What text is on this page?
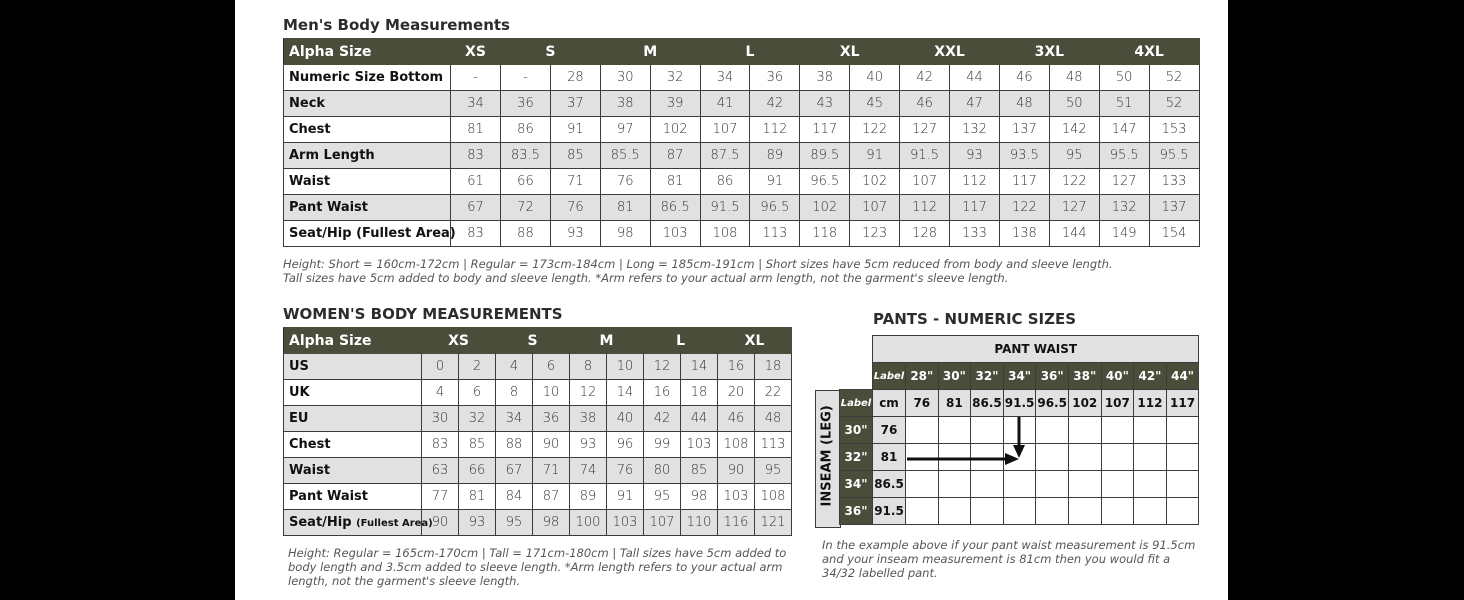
Men's Body Measurements
Alpha Size	XS	S		M		L		XL		XXL		3XL		4XL	
Numeric Size Bottom	-	-	28	30	32	34	36	38	40	42	44	46	48	50	52
Neck	34	36	37	38	39	41	42	43	45	46	47	48	50	51	52
Chest	81	86	91	97	102	107	112	117	122	127	132	137	142	147	153
Arm Length	83	83.5	85	85.5	87	87.5	89	89.5	91	91.5	93	93.5	95	95.5	95.5
Waist	61	66	71	76	81	86	91	96.5	102	107	112	117	122	127	133
Pant Waist	67	72	76	81	86.5	91.5	96.5	102	107	112	117	122	127	132	137
Seat/Hip (Fullest Area)	83	88	93	98	103	108	113	118	123	128	133	138	144	149	154
Height: Short = 160cm-172cm | Regular = 173cm-184cm | Long = 185cm-191cm | Short sizes have 5cm reduced from body and sleeve length.
Tall sizes have 5cm added to body and sleeve length. *Arm refers to your actual arm length, not the garment's sleeve length.
WOMEN'S BODY MEASUREMENTS
Alpha Size	XS		S		M		L		XL	
US	0	2	4	6	8	10	12	14	16	18
UK	4	6	8	10	12	14	16	18	20	22
EU	30	32	34	36	38	40	42	44	46	48
Chest	83	85	88	90	93	96	99	103	108	113
Waist	63	66	67	71	74	76	80	85	90	95
Pant Waist	77	81	84	87	89	91	95	98	103	108
Seat/Hip (Fullest Area)	90	93	95	98	100	103	107	110	116	121
Height: Regular = 165cm-170cm | Tall = 171cm-180cm | Tall sizes have 5cm added to
body length and 3.5cm added to sleeve length. *Arm length refers to your actual arm
length, not the garment's sleeve length.
PANTS - NUMERIC SIZES
INSEAM (LEG)
	PANT WAIST									
	Label	28"	30"	32"	34"	36"	38"	40"	42"	44"
Label	cm	76	81	86.5	91.5	96.5	102	107	112	117
30"	76									
32"	81									
34"	86.5									
36"	91.5									
In the example above if your pant waist measurement is 91.5cm
and your inseam measurement is 81cm then you would fit a
34/32 labelled pant.
